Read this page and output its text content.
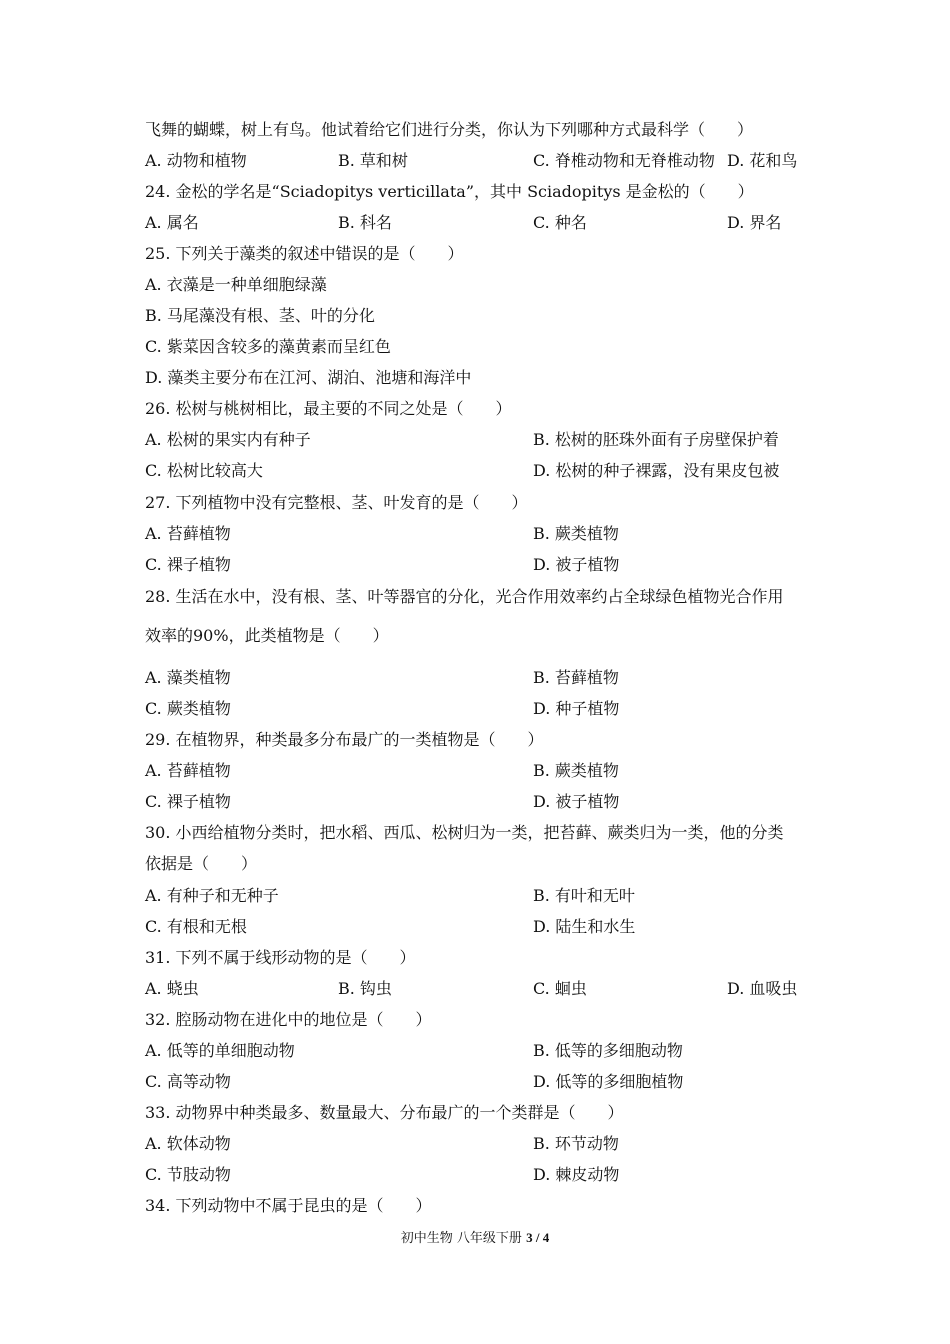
飞舞的蝴蝶，树上有鸟。他试着给它们进行分类，你认为下列哪种方式最科学（　　）
A. 动物和植物	B. 草和树	C. 脊椎动物和无脊椎动物 D. 花和鸟
24. 金松的学名是“Sciadopitys verticillata”，其中 Sciadopitys 是金松的（　　）
A. 属名	B. 科名	C. 种名	D. 界名
25. 下列关于藻类的叙述中错误的是（　　）
A. 衣藻是一种单细胞绿藻
B. 马尾藻没有根、茎、叶的分化
C. 紫菜因含较多的藻黄素而呈红色
D. 藻类主要分布在江河、湖泊、池塘和海洋中
26. 松树与桃树相比，最主要的不同之处是（　　）
A. 松树的果实内有种子	B. 松树的胚珠外面有子房壁保护着
C. 松树比较高大	D. 松树的种子裸露，没有果皮包被
27. 下列植物中没有完整根、茎、叶发育的是（　　）
A. 苔藓植物	B. 蕨类植物
C. 裸子植物	D. 被子植物
28. 生活在水中，没有根、茎、叶等器官的分化，光合作用效率约占全球绿色植物光合作用
效率的90%，此类植物是（　　）
A. 藻类植物	B. 苔藓植物
C. 蕨类植物	D. 种子植物
29. 在植物界，种类最多分布最广的一类植物是（　　）
A. 苔藓植物	B. 蕨类植物
C. 裸子植物	D. 被子植物
30. 小西给植物分类时，把水稻、西瓜、松树归为一类，把苔藓、蕨类归为一类，他的分类
依据是（　　）
A. 有种子和无种子	B. 有叶和无叶
C. 有根和无根	D. 陆生和水生
31. 下列不属于线形动物的是（　　）
A. 蛲虫	B. 钩虫	C. 蛔虫	D. 血吸虫
32. 腔肠动物在进化中的地位是（　　）
A. 低等的单细胞动物	B. 低等的多细胞动物
C. 高等动物	D. 低等的多细胞植物
33. 动物界中种类最多、数量最大、分布最广的一个类群是（　　）
A. 软体动物	B. 环节动物
C. 节肢动物	D. 棘皮动物
34. 下列动物中不属于昆虫的是（　　）
初中生物 八年级下册 3 / 4
